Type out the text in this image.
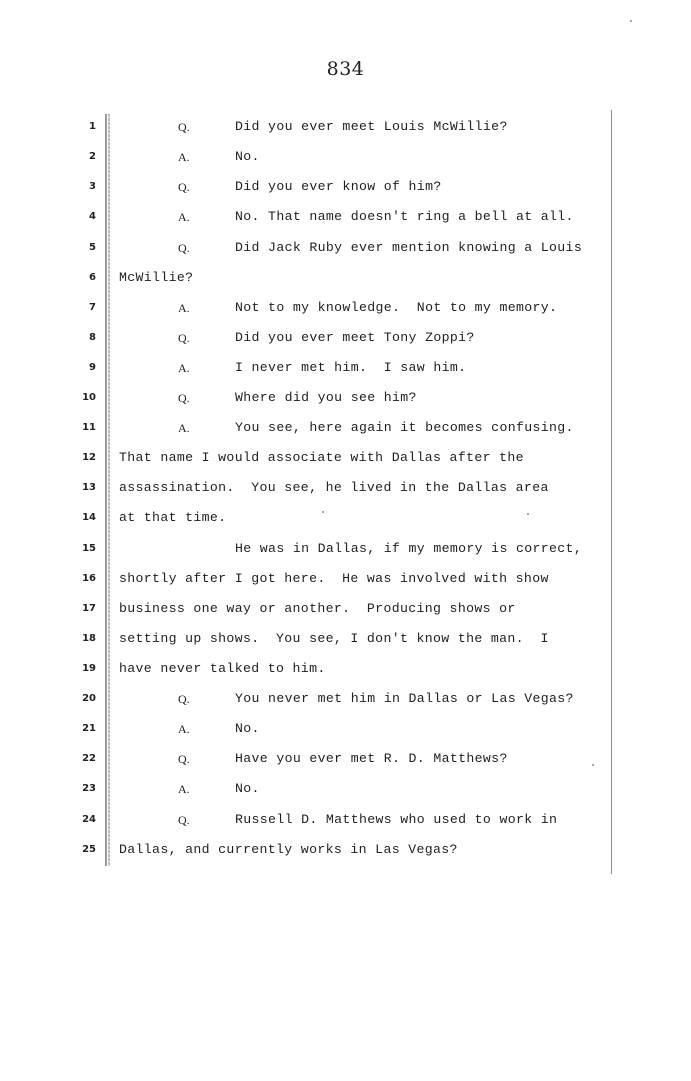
834
1	Q.	Did you ever meet Louis McWillie?
2	A.	No.
3	Q.	Did you ever know of him?
4	A.	No. That name doesn't ring a bell at all.
5	Q.	Did Jack Ruby ever mention knowing a Louis
6 McWillie?
7	A.	Not to my knowledge.  Not to my memory.
8	Q.	Did you ever meet Tony Zoppi?
9	A.	I never met him.  I saw him.
10	Q.	Where did you see him?
11	A.	You see, here again it becomes confusing.
12 That name I would associate with Dallas after the
13 assassination.  You see, he lived in the Dallas area
14 at that time.
15	He was in Dallas, if my memory is correct,
16 shortly after I got here.  He was involved with show
17 business one way or another.  Producing shows or
18 setting up shows.  You see, I don't know the man.  I
19 have never talked to him.
20	Q.	You never met him in Dallas or Las Vegas?
21	A.	No.
22	Q.	Have you ever met R. D. Matthews?
23	A.	No.
24	Q.	Russell D. Matthews who used to work in
25 Dallas, and currently works in Las Vegas?
